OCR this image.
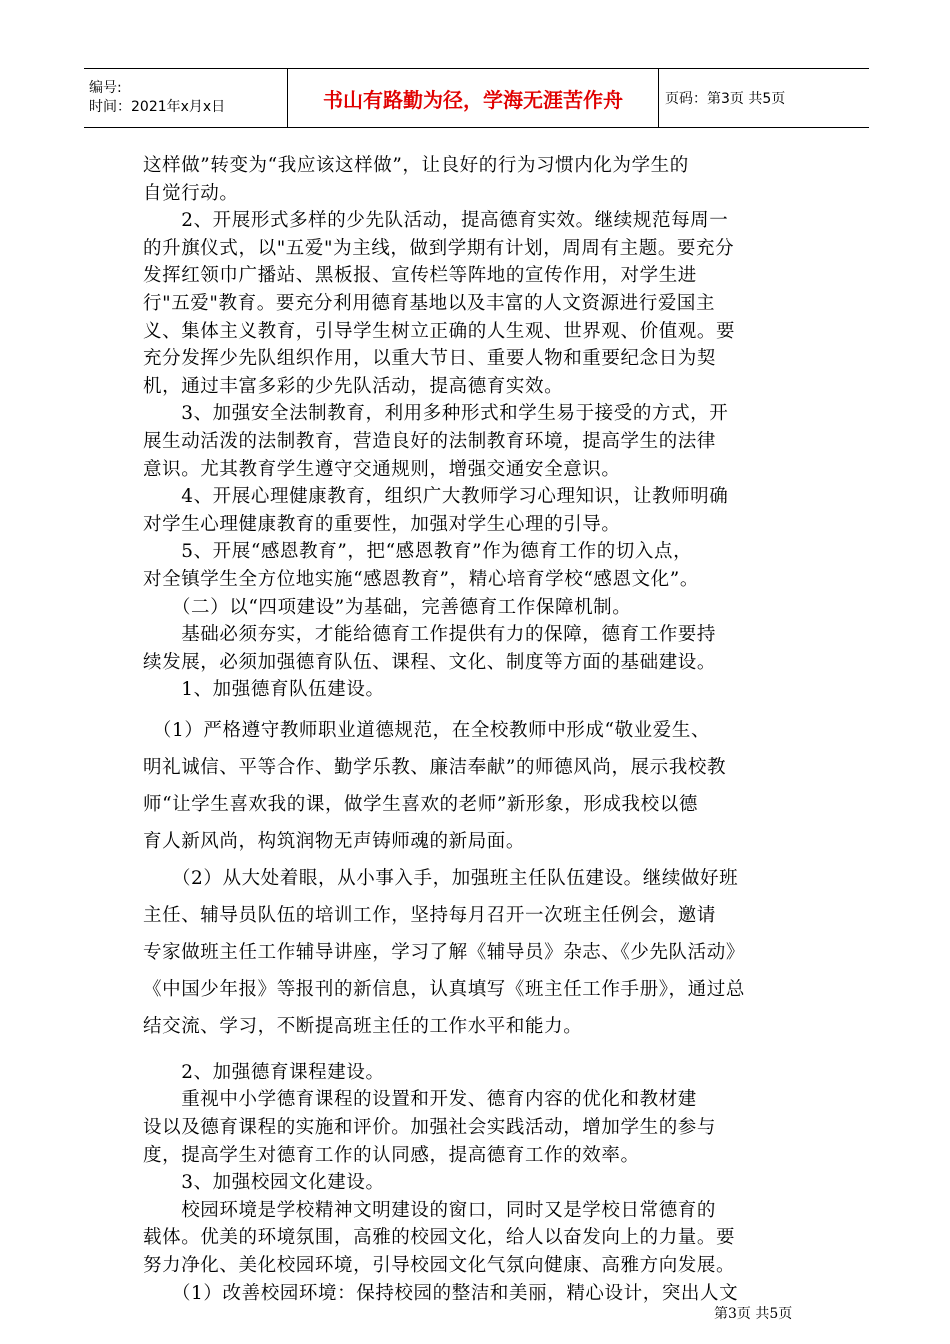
编号:
时间：2021年x月x日	书山有路勤为径，学海无涯苦作舟	页码：第3页 共5页

这样做”转变为“我应该这样做”，让良好的行为习惯内化为学生的

自觉行动。

　　2、开展形式多样的少先队活动，提高德育实效。继续规范每周一

的升旗仪式，以"五爱"为主线，做到学期有计划，周周有主题。要充分

发挥红领巾广播站、黑板报、宣传栏等阵地的宣传作用，对学生进

行"五爱"教育。要充分利用德育基地以及丰富的人文资源进行爱国主

义、集体主义教育，引导学生树立正确的人生观、世界观、价值观。要

充分发挥少先队组织作用，以重大节日、重要人物和重要纪念日为契

机，通过丰富多彩的少先队活动，提高德育实效。

　　3、加强安全法制教育，利用多种形式和学生易于接受的方式，开

展生动活泼的法制教育，营造良好的法制教育环境，提高学生的法律

意识。尤其教育学生遵守交通规则，增强交通安全意识。

　　4、开展心理健康教育，组织广大教师学习心理知识，让教师明确

对学生心理健康教育的重要性，加强对学生心理的引导。

　　5、开展“感恩教育”，把“感恩教育”作为德育工作的切入点，

对全镇学生全方位地实施“感恩教育”，精心培育学校“感恩文化”。

　　（二）以“四项建设”为基础，完善德育工作保障机制。

　　基础必须夯实，才能给德育工作提供有力的保障，德育工作要持

续发展，必须加强德育队伍、课程、文化、制度等方面的基础建设。

　　1、加强德育队伍建设。

　（1）严格遵守教师职业道德规范，在全校教师中形成“敬业爱生、

明礼诚信、平等合作、勤学乐教、廉洁奉献”的师德风尚，展示我校教

师“让学生喜欢我的课，做学生喜欢的老师”新形象，形成我校以德

育人新风尚，构筑润物无声铸师魂的新局面。

　　（2）从大处着眼，从小事入手，加强班主任队伍建设。继续做好班

主任、辅导员队伍的培训工作，坚持每月召开一次班主任例会，邀请

专家做班主任工作辅导讲座，学习了解《辅导员》杂志、《少先队活动》

《中国少年报》等报刊的新信息，认真填写《班主任工作手册》，通过总

结交流、学习，不断提高班主任的工作水平和能力。

　　2、加强德育课程建设。

　　重视中小学德育课程的设置和开发、德育内容的优化和教材建

设以及德育课程的实施和评价。加强社会实践活动，增加学生的参与

度，提高学生对德育工作的认同感，提高德育工作的效率。

　　3、加强校园文化建设。

　　校园环境是学校精神文明建设的窗口，同时又是学校日常德育的

载体。优美的环境氛围，高雅的校园文化，给人以奋发向上的力量。要

努力净化、美化校园环境，引导校园文化气氛向健康、高雅方向发展。

　　（1）改善校园环境：保持校园的整洁和美丽，精心设计，突出人文

第3页 共5页
